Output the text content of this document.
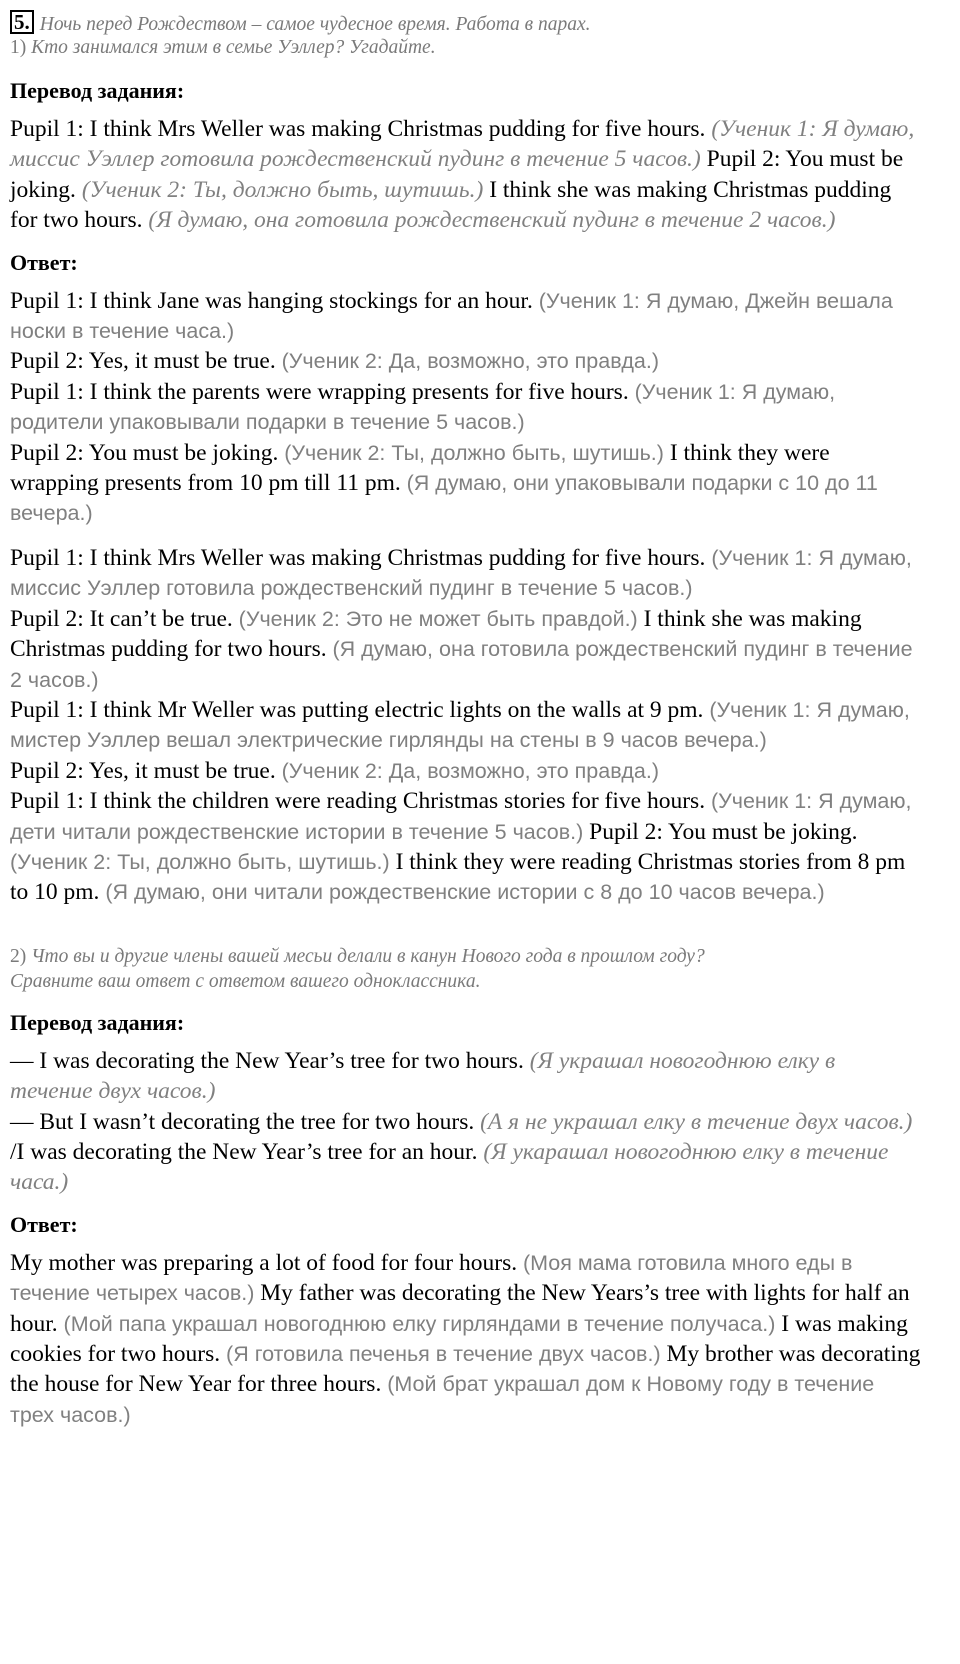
5. Ночь перед Рождеством – самое чудесное время. Работа в парах.
1) Кто занимался этим в семье Уэллер? Угадайте.
Перевод задания:

Pupil 1: I think Mrs Weller was making Christmas pudding for five hours. (Ученик 1: Я думаю, миссис Уэллер готовила рождественский пудинг в течение 5 часов.) Pupil 2: You must be joking. (Ученик 2: Ты, должно быть, шутишь.) I think she was making Christmas pudding for two hours. (Я думаю, она готовила рождественский пудинг в течение 2 часов.)

Ответ:

Pupil 1: I think Jane was hanging stockings for an hour. (Ученик 1: Я думаю, Джейн вешала носки в течение часа.)
Pupil 2: Yes, it must be true. (Ученик 2: Да, возможно, это правда.)
Pupil 1: I think the parents were wrapping presents for five hours. (Ученик 1: Я думаю, родители упаковывали подарки в течение 5 часов.)
Pupil 2: You must be joking. (Ученик 2: Ты, должно быть, шутишь.) I think they were wrapping presents from 10 pm till 11 pm. (Я думаю, они упаковывали подарки с 10 до 11 вечера.)

Pupil 1: I think Mrs Weller was making Christmas pudding for five hours. (Ученик 1: Я думаю, миссис Уэллер готовила рождественский пудинг в течение 5 часов.)
Pupil 2: It can’t be true. (Ученик 2: Это не может быть правдой.) I think she was making Christmas pudding for two hours. (Я думаю, она готовила рождественский пудинг в течение 2 часов.)
Pupil 1: I think Mr Weller was putting electric lights on the walls at 9 pm. (Ученик 1: Я думаю, мистер Уэллер вешал электрические гирлянды на стены в 9 часов вечера.)
Pupil 2: Yes, it must be true. (Ученик 2: Да, возможно, это правда.)
Pupil 1: I think the children were reading Christmas stories for five hours. (Ученик 1: Я думаю, дети читали рождественские истории в течение 5 часов.) Pupil 2: You must be joking. (Ученик 2: Ты, должно быть, шутишь.) I think they were reading Christmas stories from 8 pm to 10 pm. (Я думаю, они читали рождественские истории с 8 до 10 часов вечера.)

2) Что вы и другие члены вашей месьи делали в канун Нового года в прошлом году?
Сравните ваш ответ с ответом вашего одноклассника.
Перевод задания:

— I was decorating the New Year’s tree for two hours. (Я украшал новогоднюю елку в течение двух часов.)
— But I wasn’t decorating the tree for two hours. (А я не украшал елку в течение двух часов.) /I was decorating the New Year’s tree for an hour. (Я укарашал новогоднюю елку в течение часа.)

Ответ:

My mother was preparing a lot of food for four hours. (Моя мама готовила много еды в течение четырех часов.) My father was decorating the New Years’s tree with lights for half an hour. (Мой папа украшал новогоднюю елку гирляндами в течение получаса.) I was making cookies for two hours. (Я готовила печенья в течение двух часов.) My brother was decorating the house for New Year for three hours. (Мой брат украшал дом к Новому году в течение трех часов.)
